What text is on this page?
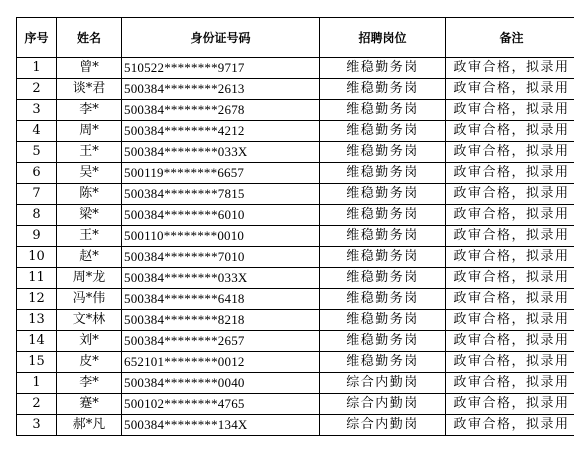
序号	姓名	身份证号码	招聘岗位	备注
1	曾*	510522********9717	维稳勤务岗	政审合格，拟录用
2	谈*君	500384********2613	维稳勤务岗	政审合格，拟录用
3	李*	500384********2678	维稳勤务岗	政审合格，拟录用
4	周*	500384********4212	维稳勤务岗	政审合格，拟录用
5	王*	500384********033X	维稳勤务岗	政审合格，拟录用
6	吴*	500119********6657	维稳勤务岗	政审合格，拟录用
7	陈*	500384********7815	维稳勤务岗	政审合格，拟录用
8	梁*	500384********6010	维稳勤务岗	政审合格，拟录用
9	王*	500110********0010	维稳勤务岗	政审合格，拟录用
10	赵*	500384********7010	维稳勤务岗	政审合格，拟录用
11	周*龙	500384********033X	维稳勤务岗	政审合格，拟录用
12	冯*伟	500384********6418	维稳勤务岗	政审合格，拟录用
13	文*林	500384********8218	维稳勤务岗	政审合格，拟录用
14	刘*	500384********2657	维稳勤务岗	政审合格，拟录用
15	皮*	652101********0012	维稳勤务岗	政审合格，拟录用
1	李*	500384********0040	综合内勤岗	政审合格，拟录用
2	蹇*	500102********4765	综合内勤岗	政审合格，拟录用
3	郝*凡	500384********134X	综合内勤岗	政审合格，拟录用
